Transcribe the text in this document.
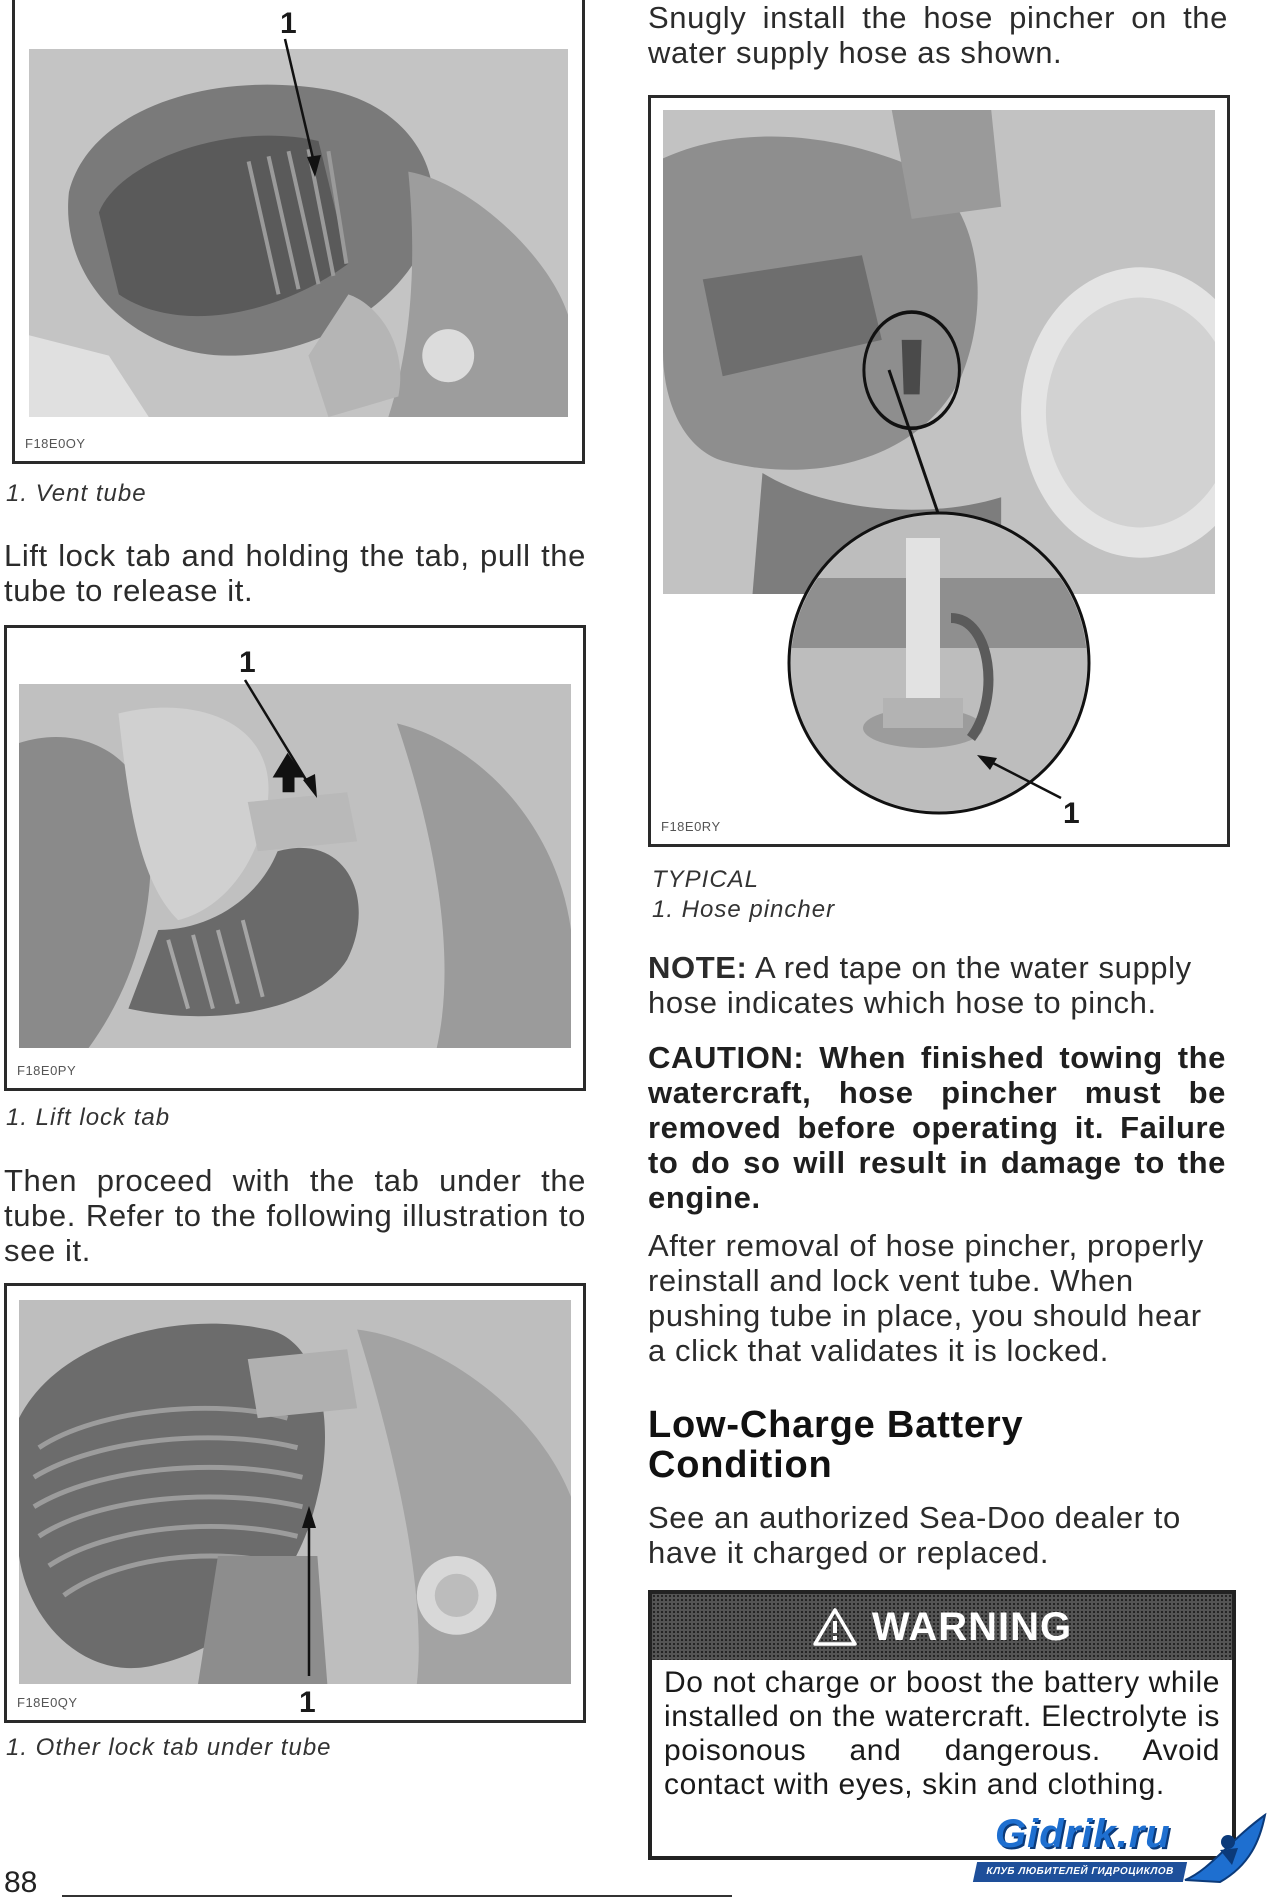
1
F18E0OY
1. Vent tube
Lift lock tab and holding the tab, pull the tube to release it.
1
F18E0PY
1. Lift lock tab
Then proceed with the tab under the tube. Refer to the following illustration to see it.
1
F18E0QY
1. Other lock tab under tube
Snugly install the hose pincher on the water supply hose as shown.
1
F18E0RY
TYPICAL
1. Hose pincher
NOTE: A red tape on the water supply hose indicates which hose to pinch.
CAUTION: When finished towing the watercraft, hose pincher must be removed before operating it. Failure to do so will result in damage to the engine.
After removal of hose pincher, properly reinstall and lock vent tube. When pushing tube in place, you should hear a click that validates it is locked.
Low-Charge Battery Condition
See an authorized Sea-Doo dealer to have it charged or replaced.
WARNING
Do not charge or boost the battery while installed on the watercraft. Electrolyte is poisonous and dangerous. Avoid contact with eyes, skin and clothing.
88
Gidrik.ru
КЛУБ ЛЮБИТЕЛЕЙ ГИДРОЦИКЛОВ
